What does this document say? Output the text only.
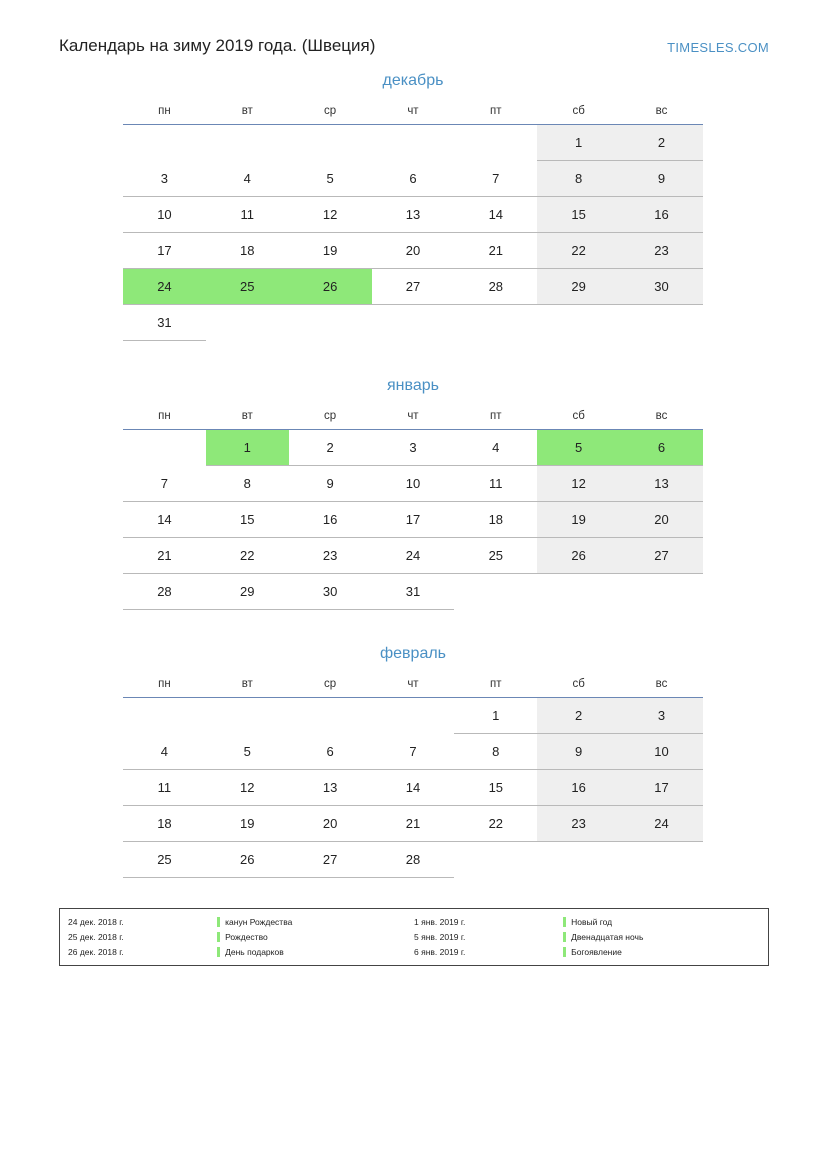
Календарь на зиму 2019 года. (Швеция)	TIMESLES.COM
декабрь
пн	вт	ср	чт	пт	сб	вс
					1	2
3	4	5	6	7	8	9
10	11	12	13	14	15	16
17	18	19	20	21	22	23
24	25	26	27	28	29	30
31						
январь
пн	вт	ср	чт	пт	сб	вс
	1	2	3	4	5	6
7	8	9	10	11	12	13
14	15	16	17	18	19	20
21	22	23	24	25	26	27
28	29	30	31			
февраль
пн	вт	ср	чт	пт	сб	вс
				1	2	3
4	5	6	7	8	9	10
11	12	13	14	15	16	17
18	19	20	21	22	23	24
25	26	27	28			
24 дек. 2018 г.	канун Рождества	1 янв. 2019 г.	Новый год
25 дек. 2018 г.	Рождество	5 янв. 2019 г.	Двенадцатая ночь
26 дек. 2018 г.	День подарков	6 янв. 2019 г.	Богоявление
